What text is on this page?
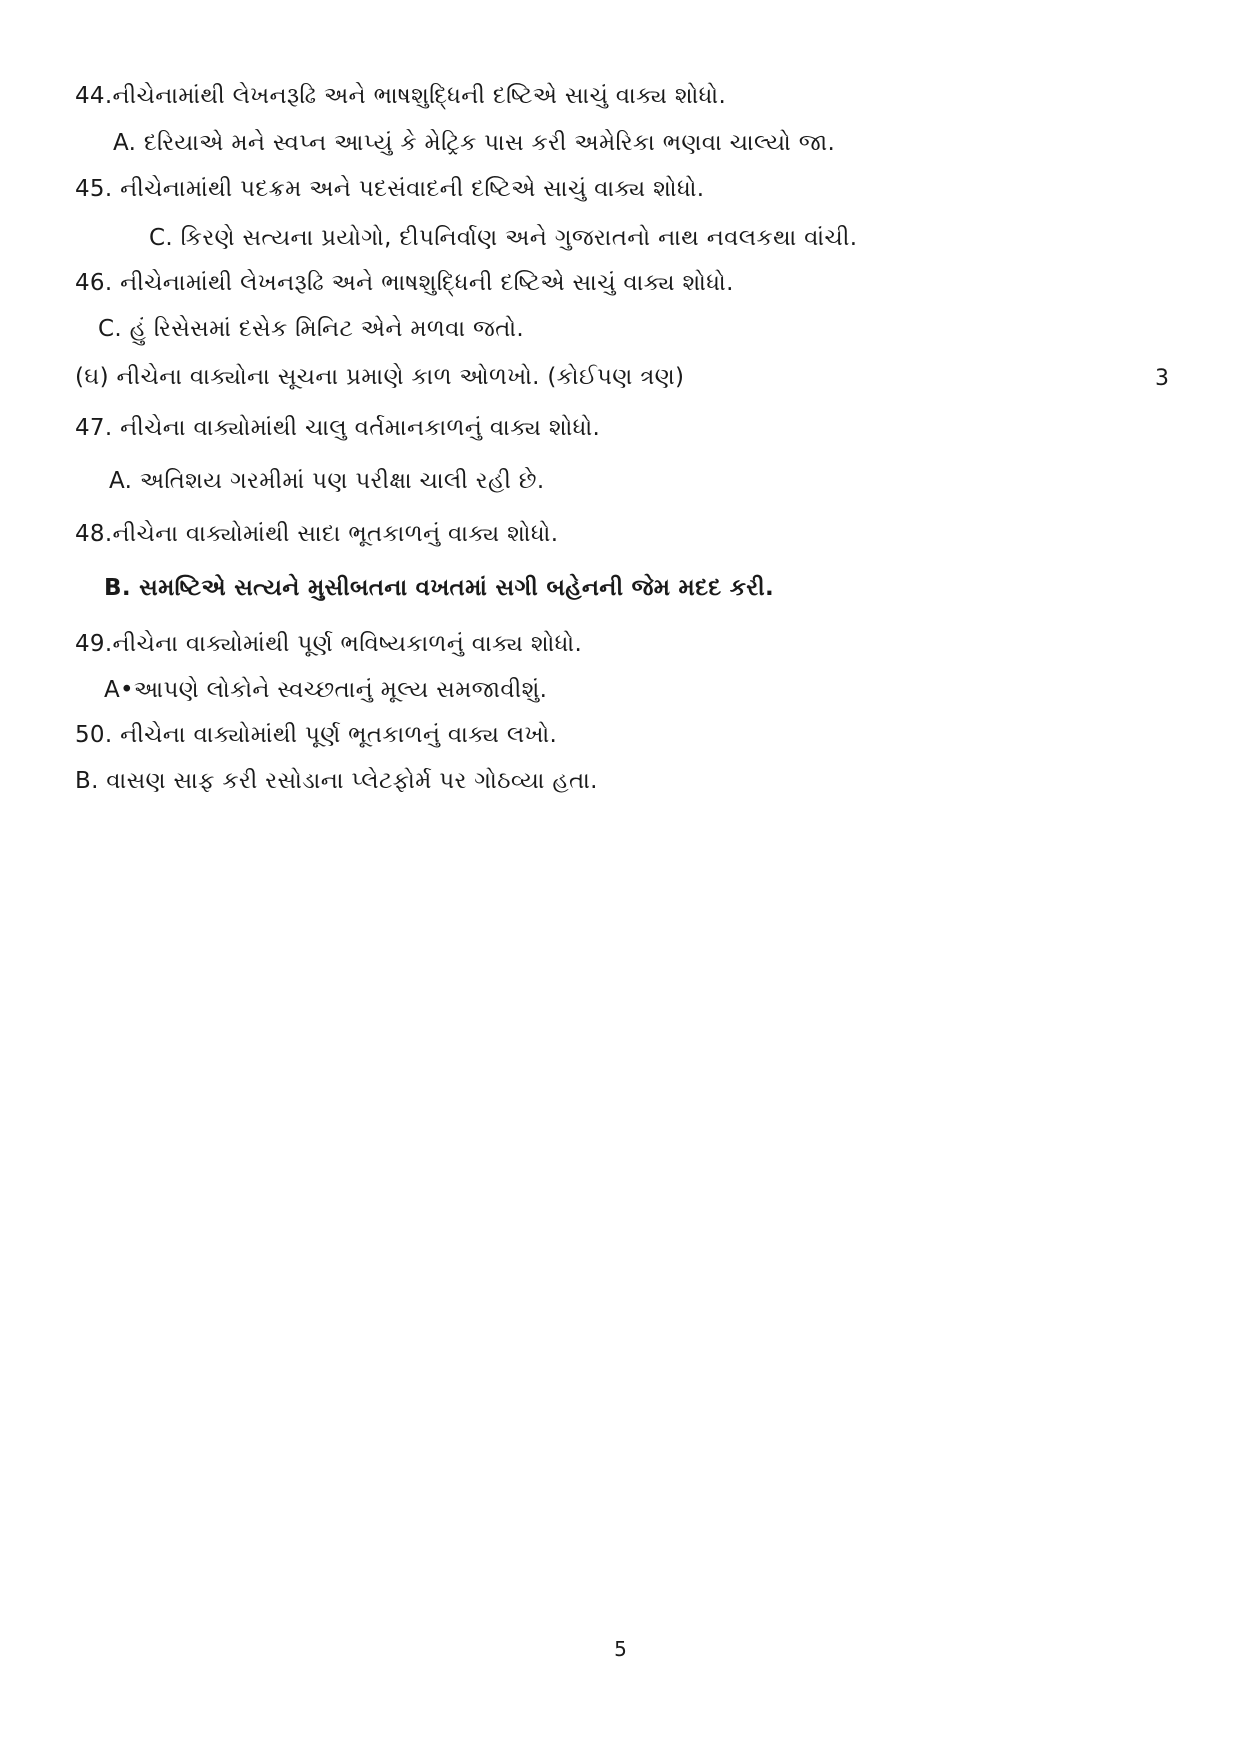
44.નીચેનામાંથી લેખનરૂઢિ અને ભાષશુદ્ધિની દષ્ટિએ સાચું વાક્ય શોધો.
A. દરિયાએ મને સ્વપ્ન આપ્યું કે મેટ્રિક પાસ કરી અમેરિકા ભણવા ચાલ્યો જા.
45. નીચેનામાંથી પદક્રમ અને પદસંવાદની દષ્ટિએ સાચું વાક્ય શોધો.
C. કિરણે સત્યના પ્રયોગો, દીપનિર્વાણ અને ગુજરાતનો નાથ નવલકથા વાંચી.
46. નીચેનામાંથી લેખનરૂઢિ અને ભાષશુદ્ધિની દષ્ટિએ સાચું વાક્ય શોધો.
C. હું રિસેસમાં દસેક મિનિટ એને મળવા જતો.
(ઘ) નીચેના વાક્યોના સૂચના પ્રમાણે કાળ ઓળખો. (કોઈપણ ત્રણ)	3
47. નીચેના વાક્યોમાંથી ચાલુ વર્તમાનકાળનું વાક્ય શોધો.
A. અતિશય ગરમીમાં પણ પરીક્ષા ચાલી રહી છે.
48.નીચેના વાક્યોમાંથી સાદા ભૂતકાળનું વાક્ય શોધો.
B. સમષ્ટિએ સત્યને મુસીબતના વખતમાં સગી બહેનની જેમ મદદ કરી.
49.નીચેના વાક્યોમાંથી પૂર્ણ ભવિષ્યકાળનું વાક્ય શોધો.
A•આપણે લોકોને સ્વચ્છતાનું મૂલ્ય સમજાવીશું.
50. નીચેના વાક્યોમાંથી પૂર્ણ ભૂતકાળનું વાક્ય લખો.
B. વાસણ સાફ કરી રસોડાના પ્લેટફોર્મ પર ગોઠવ્યા હતા.
5
